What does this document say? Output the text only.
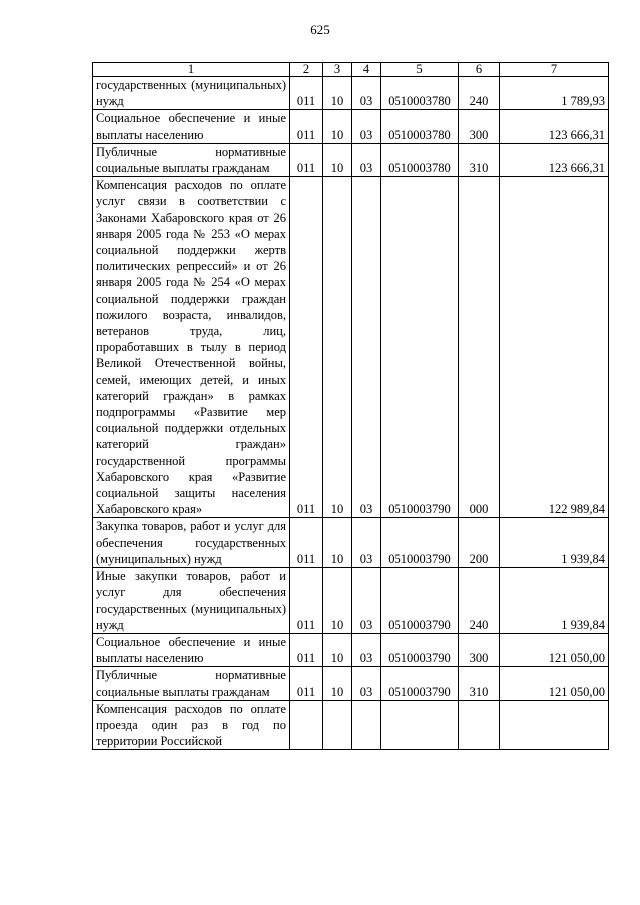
625
1	2	3	4	5	6	7
государственных (муниципальных) нужд	011	10	03	0510003780	240	1 789,93
Социальное обеспечение и иные выплаты населению	011	10	03	0510003780	300	123 666,31
Публичные нормативные социальные выплаты гражданам	011	10	03	0510003780	310	123 666,31
Компенсация расходов по оплате услуг связи в соответствии с Законами Хабаровского края от 26 января 2005 года № 253 «О мерах социальной поддержки жертв политических репрессий» и от 26 января 2005 года № 254 «О мерах социальной поддержки граждан пожилого возраста, инвалидов, ветеранов труда, лиц, проработавших в тылу в период Великой Отечественной войны, семей, имеющих детей, и иных категорий граждан» в рамках подпрограммы «Развитие мер социальной поддержки отдельных категорий граждан» государственной программы Хабаровского края «Развитие социальной защиты населения Хабаровского края»	011	10	03	0510003790	000	122 989,84
Закупка товаров, работ и услуг для обеспечения государственных (муниципальных) нужд	011	10	03	0510003790	200	1 939,84
Иные закупки товаров, работ и услуг для обеспечения государственных (муниципальных) нужд	011	10	03	0510003790	240	1 939,84
Социальное обеспечение и иные выплаты населению	011	10	03	0510003790	300	121 050,00
Публичные нормативные социальные выплаты гражданам	011	10	03	0510003790	310	121 050,00
Компенсация расходов по оплате проезда один раз в год по территории Российской						
